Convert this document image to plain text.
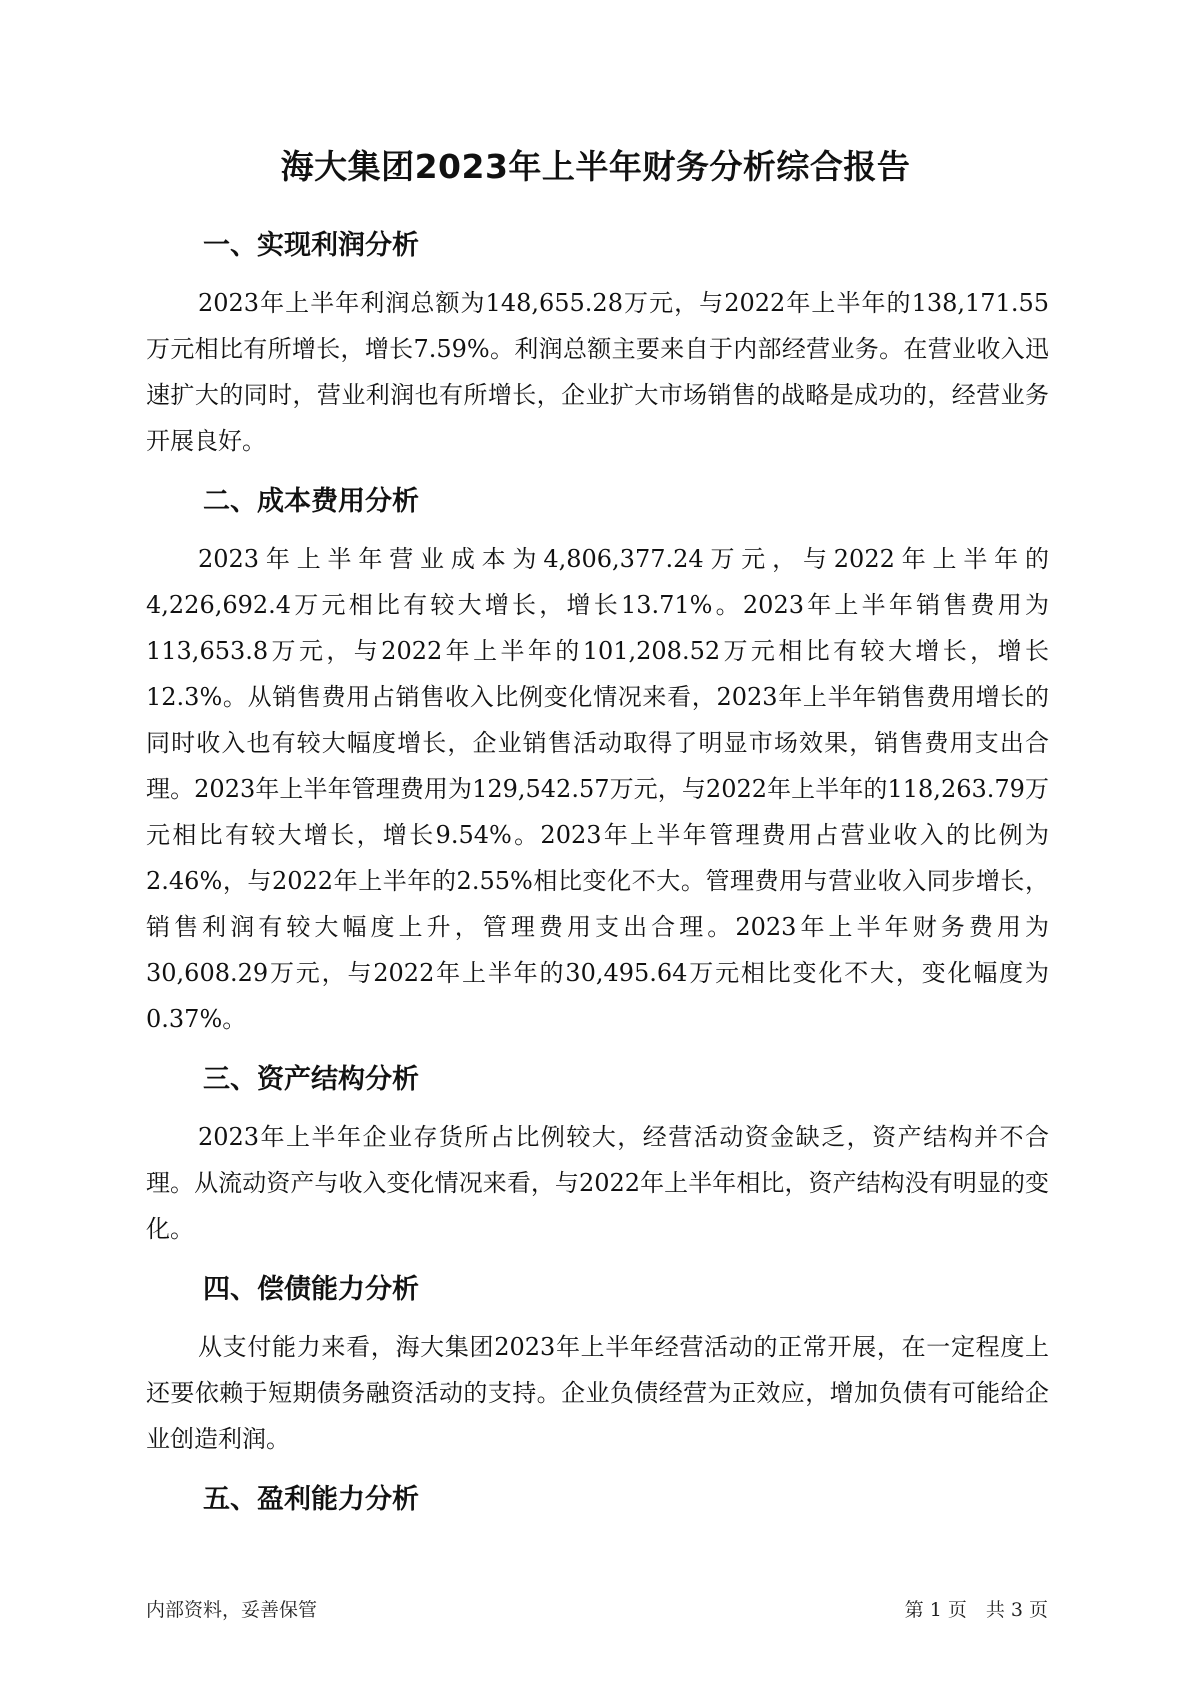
海大集团2023年上半年财务分析综合报告
一、实现利润分析

2023年上半年利润总额为148,655.28万元，与2022年上半年的138,171.55万元相比有所增长，增长7.59%。利润总额主要来自于内部经营业务。在营业收入迅速扩大的同时，营业利润也有所增长，企业扩大市场销售的战略是成功的，经营业务开展良好。

二、成本费用分析

2023年上半年营业成本为4,806,377.24万元，与2022年上半年的4,226,692.4万元相比有较大增长，增长13.71%。2023年上半年销售费用为113,653.8万元，与2022年上半年的101,208.52万元相比有较大增长，增长12.3%。从销售费用占销售收入比例变化情况来看，2023年上半年销售费用增长的同时收入也有较大幅度增长，企业销售活动取得了明显市场效果，销售费用支出合理。2023年上半年管理费用为129,542.57万元，与2022年上半年的118,263.79万元相比有较大增长，增长9.54%。2023年上半年管理费用占营业收入的比例为2.46%，与2022年上半年的2.55%相比变化不大。管理费用与营业收入同步增长，销售利润有较大幅度上升，管理费用支出合理。2023年上半年财务费用为30,608.29万元，与2022年上半年的30,495.64万元相比变化不大，变化幅度为0.37%。

三、资产结构分析

2023年上半年企业存货所占比例较大，经营活动资金缺乏，资产结构并不合理。从流动资产与收入变化情况来看，与2022年上半年相比，资产结构没有明显的变化。

四、偿债能力分析

从支付能力来看，海大集团2023年上半年经营活动的正常开展，在一定程度上还要依赖于短期债务融资活动的支持。企业负债经营为正效应，增加负债有可能给企业创造利润。

五、盈利能力分析
内部资料，妥善保管	第 1 页　共 3 页
